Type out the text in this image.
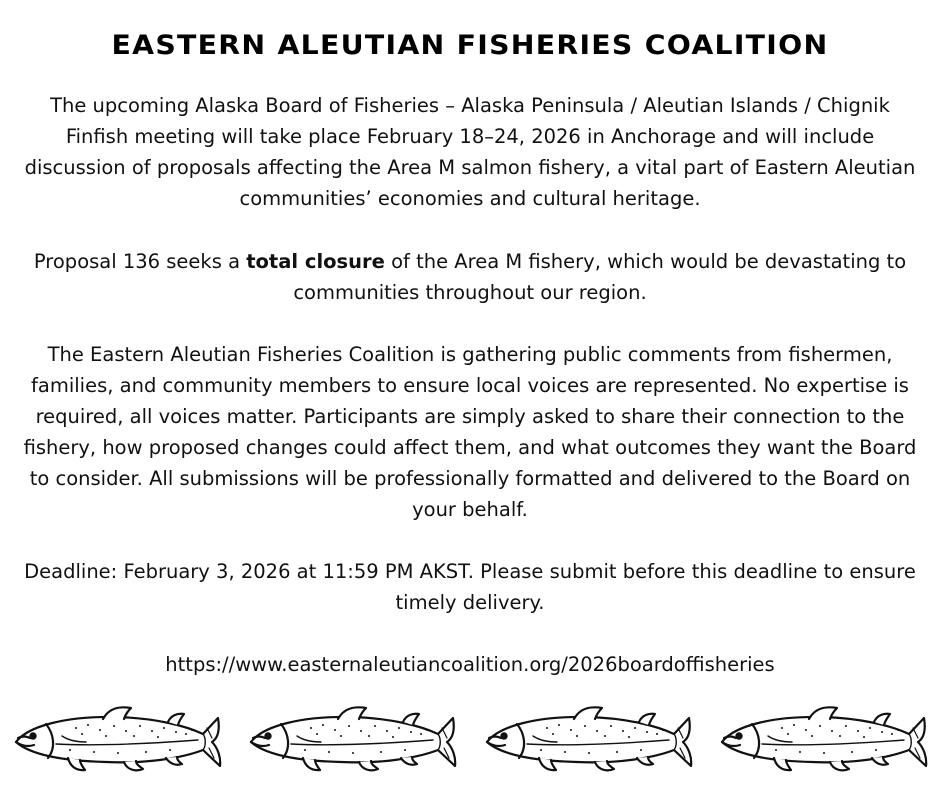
EASTERN ALEUTIAN FISHERIES COALITION
The upcoming Alaska Board of Fisheries – Alaska Peninsula / Aleutian Islands / Chignik Finfish meeting will take place February 18–24, 2026 in Anchorage and will include discussion of proposals affecting the Area M salmon fishery, a vital part of Eastern Aleutian communities’ economies and cultural heritage.
Proposal 136 seeks a total closure of the Area M fishery, which would be devastating to communities throughout our region.
The Eastern Aleutian Fisheries Coalition is gathering public comments from fishermen, families, and community members to ensure local voices are represented. No expertise is required, all voices matter. Participants are simply asked to share their connection to the fishery, how proposed changes could affect them, and what outcomes they want the Board to consider. All submissions will be professionally formatted and delivered to the Board on your behalf.
Deadline: February 3, 2026 at 11:59 PM AKST. Please submit before this deadline to ensure timely delivery.
https://www.easternaleutiancoalition.org/2026boardoffisheries
